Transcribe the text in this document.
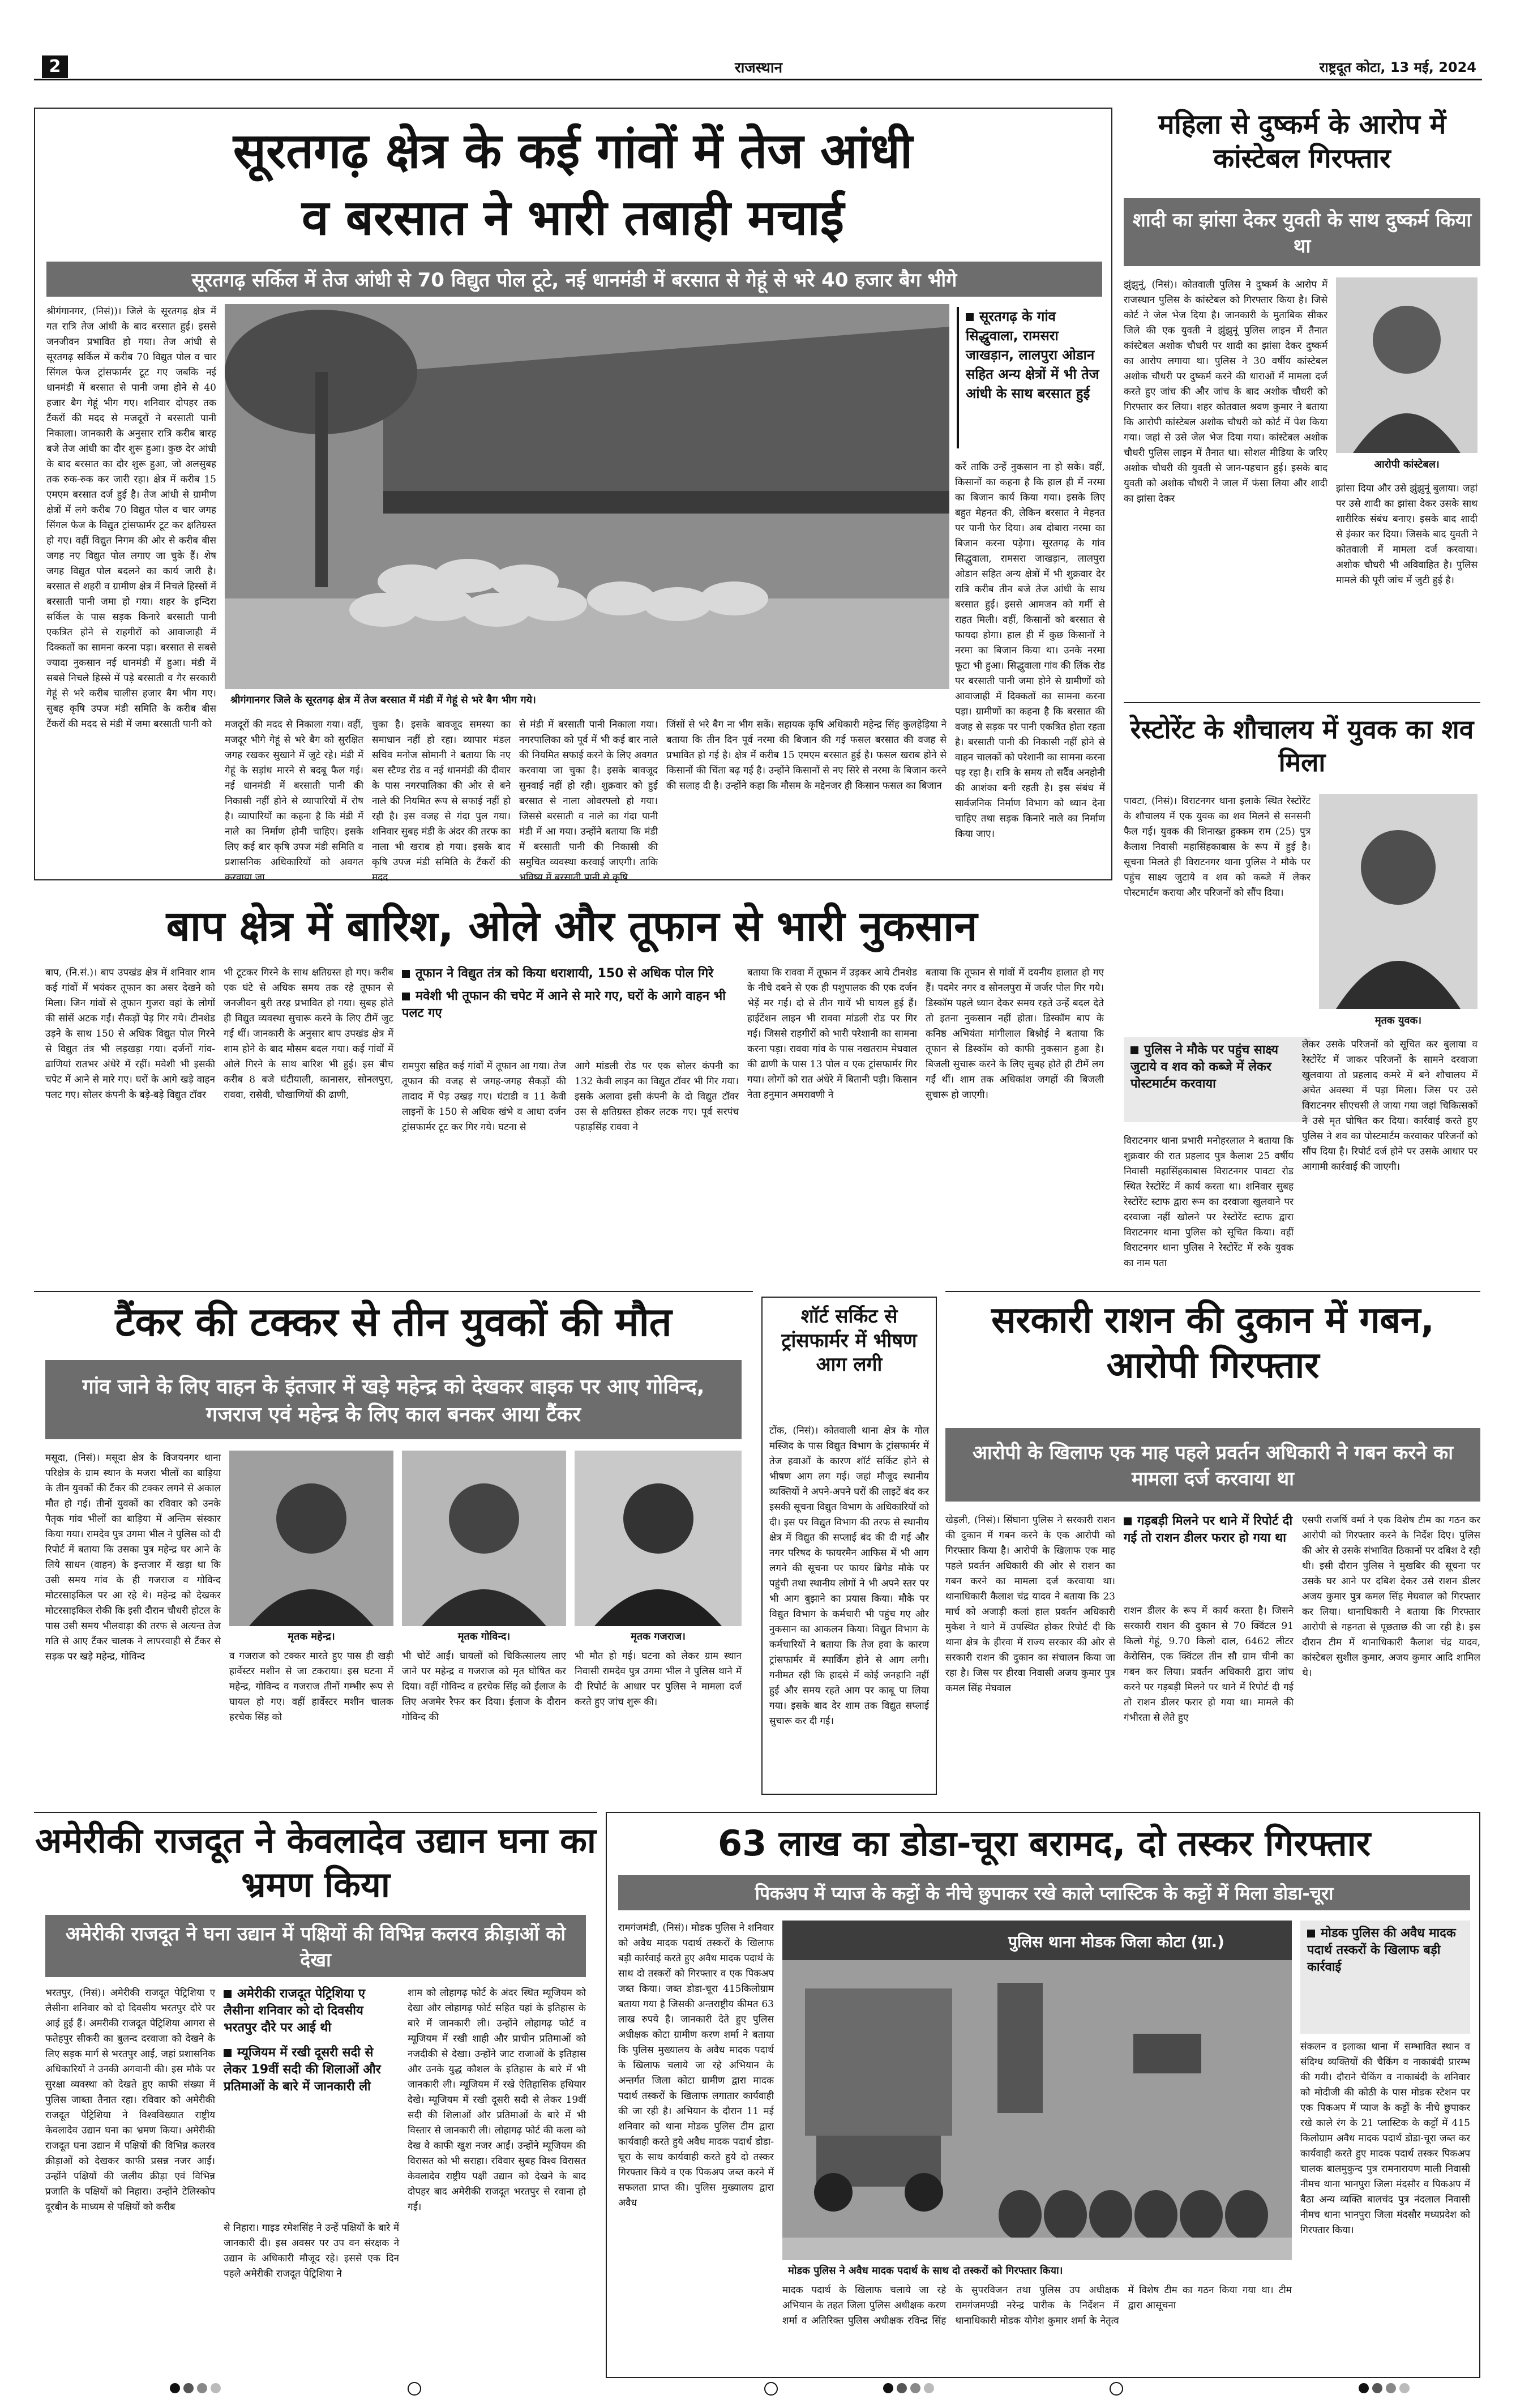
2	राजस्थान	राष्ट्रदूत कोटा, 13 मई, 2024
सूरतगढ़ क्षेत्र के कई गांवों में तेज आंधी
व बरसात ने भारी तबाही मचाई
सूरतगढ़ सर्किल में तेज आंधी से 70 विद्युत पोल टूटे, नई धानमंडी में बरसात से गेहूं से भरे 40 हजार बैग भीगे
श्रीगंगानगर, (निसं))। जिले के सूरतगढ़ क्षेत्र में गत रात्रि तेज आंधी के बाद बरसात हुई। इससे जनजीवन प्रभावित हो गया। तेज आंधी से सूरतगढ़ सर्किल में करीब 70 विद्युत पोल व चार सिंगल फेज ट्रांसफार्मर टूट गए जबकि नई धानमंडी में बरसात से पानी जमा होने से 40 हजार बैग गेहूं भीग गए। शनिवार दोपहर तक टैंकरों की मदद से मजदूरों ने बरसाती पानी निकाला। जानकारी के अनुसार रात्रि करीब बारह बजे तेज आंधी का दौर शुरू हुआ। कुछ देर आंधी के बाद बरसात का दौर शुरू हुआ, जो अलसुबह तक रुक-रुक कर जारी रहा। क्षेत्र में करीब 15 एमएम बरसात दर्ज हुई है। तेज आंधी से ग्रामीण क्षेत्रों में लगे करीब 70 विद्युत पोल व चार जगह सिंगल फेज के विद्युत ट्रांसफार्मर टूट कर क्षतिग्रस्त हो गए। वहीं विद्युत निगम की ओर से करीब बीस जगह नए विद्युत पोल लगाए जा चुके हैं। शेष जगह विद्युत पोल बदलने का कार्य जारी है। बरसात से शहरी व ग्रामीण क्षेत्र में निचले हिस्सों में बरसाती पानी जमा हो गया। शहर के इन्दिरा सर्किल के पास सड़क किनारे बरसाती पानी एकत्रित होने से राहगीरों को आवाजाही में दिक्कतों का सामना करना पड़ा। बरसात से सबसे ज्यादा नुकसान नई धानमंडी में हुआ। मंडी में सबसे निचले हिस्से में पड़े बरसाती व गैर सरकारी गेहूं से भरे करीब चालीस हजार बैग भीग गए। सुबह कृषि उपज मंडी समिति के करीब बीस टैंकरों की मदद से मंडी में जमा बरसाती पानी को
श्रीगंगानगर जिले के सूरतगढ़ क्षेत्र में तेज बरसात में मंडी में गेहूं से भरे बैग भीग गये।
सूरतगढ़ के गांव सिद्धुवाला, रामसरा जाखड़ान, लालपुरा ओडान सहित अन्य क्षेत्रों में भी तेज आंधी के साथ बरसात हुई
करें ताकि उन्हें नुकसान ना हो सके। वहीं, किसानों का कहना है कि हाल ही में नरमा का बिजान कार्य किया गया। इसके लिए बहुत मेहनत की, लेकिन बरसात ने मेहनत पर पानी फेर दिया। अब दोबारा नरमा का बिजान करना पड़ेगा। सूरतगढ़ के गांव सिद्धुवाला, रामसरा जाखड़ान, लालपुरा ओडान सहित अन्य क्षेत्रों में भी शुक्रवार देर रात्रि करीब तीन बजे तेज आंधी के साथ बरसात हुई। इससे आमजन को गर्मी से राहत मिली। वहीं, किसानों को बरसात से फायदा होगा। हाल ही में कुछ किसानों ने नरमा का बिजान किया था। उनके नरमा फूटा भी हुआ। सिद्धुवाला गांव की लिंक रोड पर बरसाती पानी जमा होने से ग्रामीणों को आवाजाही में दिक्कतों का सामना करना पड़ा। ग्रामीणों का कहना है कि बरसात की वजह से सड़क पर पानी एकत्रित होता रहता है। बरसाती पानी की निकासी नहीं होने से वाहन चालकों को परेशानी का सामना करना पड़ रहा है। रात्रि के समय तो सर्दैव अनहोनी की आशंका बनी रहती है। इस संबंध में सार्वजनिक निर्माण विभाग को ध्यान देना चाहिए तथा सड़क किनारे नाले का निर्माण किया जाए।
मजदूरों की मदद से निकाला गया। वहीं, मजदूर भीगे गेहूं से भरे बैग को सुरक्षित जगह रखकर सुखाने में जुटे रहे। मंडी में गेहूं के सड़ांध मारने से बदबू फैल गई। नई धानमंडी में बरसाती पानी की निकासी नहीं होने से व्यापारियों में रोष है। व्यापारियों का कहना है कि मंडी में नाले का निर्माण होनी चाहिए। इसके लिए कई बार कृषि उपज मंडी समिति व प्रशासनिक अधिकारियों को अवगत करवाया जा
चुका है। इसके बावजूद समस्या का समाधान नहीं हो रहा। व्यापार मंडल सचिव मनोज सोमानी ने बताया कि नए बस स्टैण्ड रोड व नई धानमंडी की दीवार के पास नगरपालिका की ओर से बने नाले की नियमित रूप से सफाई नहीं हो रही है। इस वजह से गंदा पुल गया। शनिवार सुबह मंडी के अंदर की तरफ का नाला भी खराब हो गया। इसके बाद कृषि उपज मंडी समिति के टैंकरों की मदद
से मंडी में बरसाती पानी निकाला गया। नगरपालिका को पूर्व में भी कई बार नाले की नियमित सफाई करने के लिए अवगत करवाया जा चुका है। इसके बावजूद सुनवाई नहीं हो रही। शुक्रवार को हुई बरसात से नाला ओवरफ्लो हो गया। जिससे बरसाती व नाले का गंदा पानी मंडी में आ गया। उन्होंने बताया कि मंडी में बरसाती पानी की निकासी की समुचित व्यवस्था करवाई जाएगी। ताकि भविष्य में बरसाती पानी से कृषि
जिंसों से भरे बैग ना भीग सकें। सहायक कृषि अधिकारी महेन्द्र सिंह कुलहेड़िया ने बताया कि तीन दिन पूर्व नरमा की बिजान की गई फसल बरसात की वजह से प्रभावित हो गई है। क्षेत्र में करीब 15 एमएम बरसात हुई है। फसल खराब होने से किसानों की चिंता बढ़ गई है। उन्होंने किसानों से नए सिरे से नरमा के बिजान करने की सलाह दी है। उन्होंने कहा कि मौसम के मद्देनजर ही किसान फसल का बिजान
बाप क्षेत्र में बारिश, ओले और तूफान से भारी नुकसान
बाप, (नि.सं.)। बाप उपखंड क्षेत्र में शनिवार शाम कई गांवों में भयंकर तूफान का असर देखने को मिला। जिन गांवों से तूफान गुजरा वहां के लोगों की सांसें अटक गईं। सैकड़ों पेड़ गिर गये। टीनशेड उड़ने के साथ 150 से अधिक विद्युत पोल गिरने से विद्युत तंत्र भी लड़खड़ा गया। दर्जनों गांव-ढाणियां रातभर अंधेरे में रहीं। मवेशी भी इसकी चपेट में आने से मारे गए। घरों के आगे खड़े वाहन पलट गए। सोलर कंपनी के बड़े-बड़े विद्युत टॉवर
भी टूटकर गिरने के साथ क्षतिग्रस्त हो गए। करीब एक घंटे से अधिक समय तक रहे तूफान से जनजीवन बुरी तरह प्रभावित हो गया। सुबह होते ही विद्युत व्यवस्था सुचारू करने के लिए टीमें जुट गई थीं। जानकारी के अनुसार बाप उपखंड क्षेत्र में शाम होने के बाद मौसम बदल गया। कई गांवों में ओले गिरने के साथ बारिश भी हुई। इस बीच करीब 8 बजे घंटीयाली, कानासर, सोनलपुरा, राववा, रासेवी, चौखाणियों की ढाणी,
तूफान ने विद्युत तंत्र को किया धराशायी, 150 से अधिक पोल गिरे
मवेशी भी तूफान की चपेट में आने से मारे गए, घरों के आगे वाहन भी पलट गए
रामपुरा सहित कई गांवों में तूफान आ गया। तेज तूफान की वजह से जगह-जगह सैकड़ों की तादाद में पेड़ उखड़ गए। घंटाडी व 11 केवी लाइनों के 150 से अधिक खंभे व आधा दर्जन ट्रांसफार्मर टूट कर गिर गये। घटना से
आगे मांडली रोड पर एक सोलर कंपनी का 132 केवी लाइन का विद्युत टॉवर भी गिर गया। इसके अलावा इसी कंपनी के दो विद्युत टॉवर उस से क्षतिग्रस्त होकर लटक गए। पूर्व सरपंच पहाड़सिंह राववा ने
बताया कि राववा में तूफान में उड़कर आये टीनशेड के नीचे दबने से एक ही पशुपालक की एक दर्जन भेड़ें मर गईं। दो से तीन गायें भी घायल हुई हैं। हाईटेंशन लाइन भी राववा मांडली रोड पर गिर गई। जिससे राहगीरों को भारी परेशानी का सामना करना पड़ा। राववा गांव के पास नखतराम मेघवाल की ढाणी के पास 13 पोल व एक ट्रांसफार्मर गिर गया। लोगों को रात अंधेरे में बितानी पड़ी। किसान नेता हनुमान अमरावणी ने
बताया कि तूफान से गांवों में दयनीय हालात हो गए हैं। पदमेर नगर व सोनलपुरा में जर्जर पोल गिर गये। डिस्कॉम पहले ध्यान देकर समय रहते उन्हें बदल देते तो इतना नुकसान नहीं होता। डिस्कॉम बाप के कनिष्ठ अभियंता मांगीलाल बिश्नोई ने बताया कि तूफान से डिस्कॉम को काफी नुकसान हुआ है। बिजली सुचारू करने के लिए सुबह होते ही टीमें लग गईं थीं। शाम तक अधिकांश जगहों की बिजली सुचारू हो जाएगी।
महिला से दुष्कर्म के आरोप में कांस्टेबल गिरफ्तार
शादी का झांसा देकर युवती के साथ दुष्कर्म किया था
झुंझुनूं, (निसं)। कोतवाली पुलिस ने दुष्कर्म के आरोप में राजस्थान पुलिस के कांस्टेबल को गिरफ्तार किया है। जिसे कोर्ट ने जेल भेज दिया है। जानकारी के मुताबिक सीकर जिले की एक युवती ने झुंझुनूं पुलिस लाइन में तैनात कांस्टेबल अशोक चौधरी पर शादी का झांसा देकर दुष्कर्म का आरोप लगाया था। पुलिस ने 30 वर्षीय कांस्टेबल अशोक चौधरी पर दुष्कर्म करने की धाराओं में मामला दर्ज करते हुए जांच की और जांच के बाद अशोक चौधरी को गिरफ्तार कर लिया। शहर कोतवाल श्रवण कुमार ने बताया कि आरोपी कांस्टेबल अशोक चौधरी को कोर्ट में पेश किया गया। जहां से उसे जेल भेज दिया गया। कांस्टेबल अशोक चौधरी पुलिस लाइन में तैनात था। सोशल मीडिया के जरिए अशोक चौधरी की युवती से जान-पहचान हुई। इसके बाद युवती को अशोक चौधरी ने जाल में फंसा लिया और शादी का झांसा देकर
आरोपी कांस्टेबल।
झांसा दिया और उसे झुंझुनूं बुलाया। जहां पर उसे शादी का झांसा देकर उसके साथ शारीरिक संबंध बनाए। इसके बाद शादी से इंकार कर दिया। जिसके बाद युवती ने कोतवाली में मामला दर्ज करवाया। अशोक चौधरी भी अविवाहित है। पुलिस मामले की पूरी जांच में जुटी हुई है।
रेस्टोरेंट के शौचालय में युवक का शव मिला
पावटा, (निसं)। विराटनगर थाना इलाके स्थित रेस्टोरेंट के शौचालय में एक युवक का शव मिलने से सनसनी फैल गई। युवक की शिनाख्त हुक्कम राम (25) पुत्र कैलाश निवासी महासिंहकाबास के रूप में हुई है। सूचना मिलते ही विराटनगर थाना पुलिस ने मौके पर पहुंच साक्ष्य जुटाये व शव को कब्जे में लेकर पोस्टमार्टम कराया और परिजनों को सौंप दिया।
पुलिस ने मौके पर पहुंच साक्ष्य जुटाये व शव को कब्जे में लेकर पोस्टमार्टम करवाया
मृतक युवक।
विराटनगर थाना प्रभारी मनोहरलाल ने बताया कि शुक्रवार की रात प्रहलाद पुत्र कैलाश 25 वर्षीय निवासी महासिंहकाबास विराटनगर पावटा रोड स्थित रेस्टोरेंट में कार्य करता था। शनिवार सुबह रेस्टोरेंट स्टाफ द्वारा रूम का दरवाजा खुलवाने पर दरवाजा नहीं खोलने पर रेस्टोरेंट स्टाफ द्वारा विराटनगर थाना पुलिस को सूचित किया। वहीं विराटनगर थाना पुलिस ने रेस्टोरेंट में रुके युवक का नाम पता
लेकर उसके परिजनों को सूचित कर बुलाया व रेस्टोरेंट में जाकर परिजनों के सामने दरवाजा खुलवाया तो प्रहलाद कमरे में बने शौचालय में अचेत अवस्था में पड़ा मिला। जिस पर उसे विराटनगर सीएचसी ले जाया गया जहां चिकित्सकों ने उसे मृत घोषित कर दिया। कार्रवाई करते हुए पुलिस ने शव का पोस्टमार्टम करवाकर परिजनों को सौंप दिया है। रिपोर्ट दर्ज होने पर उसके आधार पर आगामी कार्रवाई की जाएगी।
टैंकर की टक्कर से तीन युवकों की मौत
गांव जाने के लिए वाहन के इंतजार में खड़े महेन्द्र को देखकर बाइक पर आए गोविन्द, गजराज एवं महेन्द्र के लिए काल बनकर आया टैंकर
मसूदा, (निसं)। मसूदा क्षेत्र के विजयनगर थाना परिक्षेत्र के ग्राम स्थान के मजरा भीलों का बाड़िया के तीन युवकों की टैंकर की टक्कर लगने से अकाल मौत हो गई। तीनों युवकों का रविवार को उनके पैतृक गांव भीलों का बाड़िया में अन्तिम संस्कार किया गया। रामदेव पुत्र उगमा भील ने पुलिस को दी रिपोर्ट में बताया कि उसका पुत्र महेन्द्र घर आने के लिये साधन (वाहन) के इन्तजार में खड़ा था कि उसी समय गांव के ही गजराज व गोविन्द मोटरसाइकिल पर आ रहे थे। महेन्द्र को देखकर मोटरसाइकिल रोकी कि इसी दौरान चौधरी होटल के पास उसी समय भीलवाड़ा की तरफ से अत्यन्त तेज गति से आए टैंकर चालक ने लापरवाही से टैंकर से सड़क पर खड़े महेन्द्र, गोविन्द
मृतक महेन्द्र।	मृतक गोविन्द।	मृतक गजराज।
व गजराज को टक्कर मारते हुए पास ही खड़ी हार्वेस्टर मशीन से जा टकराया। इस घटना में महेन्द्र, गोविन्द व गजराज तीनों गम्भीर रूप से घायल हो गए। वहीं हार्वेस्टर मशीन चालक हरचेक सिंह को
भी चोटें आईं। घायलों को चिकित्सालय लाए जाने पर महेन्द्र व गजराज को मृत घोषित कर दिया। वहीं गोविन्द व हरचेक सिंह को ईलाज के लिए अजमेर रैफर कर दिया। ईलाज के दौरान गोविन्द की
भी मौत हो गई। घटना को लेकर ग्राम स्थान निवासी रामदेव पुत्र उगमा भील ने पुलिस थाने में दी रिपोर्ट के आधार पर पुलिस ने मामला दर्ज करते हुए जांच शुरू की।
शॉर्ट सर्किट से ट्रांसफार्मर में भीषण आग लगी
टोंक, (निसं)। कोतवाली थाना क्षेत्र के गोल मस्जिद के पास विद्युत विभाग के ट्रांसफार्मर में तेज हवाओं के कारण शॉर्ट सर्किट होने से भीषण आग लग गई। जहां मौजूद स्थानीय व्यक्तियों ने अपने-अपने घरों की लाइटें बंद कर इसकी सूचना विद्युत विभाग के अधिकारियों को दी। इस पर विद्युत विभाग की तरफ से स्थानीय क्षेत्र में विद्युत की सप्लाई बंद की दी गई और नगर परिषद के फायरमैन आफिस में भी आग लगने की सूचना पर फायर ब्रिगेड मौके पर पहुंची तथा स्थानीय लोगों ने भी अपने स्तर पर भी आग बुझाने का प्रयास किया। मौके पर विद्युत विभाग के कर्मचारी भी पहुंच गए और नुकसान का आकलन किया। विद्युत विभाग के कर्मचारियों ने बताया कि तेज हवा के कारण ट्रांसफार्मर में स्पार्किंग होने से आग लगी। गनीमत रही कि हादसे में कोई जनहानि नहीं हुई और समय रहते आग पर काबू पा लिया गया। इसके बाद देर शाम तक विद्युत सप्लाई सुचारू कर दी गई।
सरकारी राशन की दुकान में गबन, आरोपी गिरफ्तार
आरोपी के खिलाफ एक माह पहले प्रवर्तन अधिकारी ने गबन करने का मामला दर्ज करवाया था
खेड़ली, (निसं)। सिंघाना पुलिस ने सरकारी राशन की दुकान में गबन करने के एक आरोपी को गिरफ्तार किया है। आरोपी के खिलाफ एक माह पहले प्रवर्तन अधिकारी की ओर से राशन का गबन करने का मामला दर्ज करवाया था। थानाधिकारी कैलाश चंद्र यादव ने बताया कि 23 मार्च को अजाड़ी कलां हाल प्रवर्तन अधिकारी मुकेश ने थाने में उपस्थित होकर रिपोर्ट दी कि थाना क्षेत्र के हीरवा में राज्य सरकार की ओर से सरकारी राशन की दुकान का संचालन किया जा रहा है। जिस पर हीरवा निवासी अजय कुमार पुत्र कमल सिंह मेघवाल
गड़बड़ी मिलने पर थाने में रिपोर्ट दी गई तो राशन डीलर फरार हो गया था
राशन डीलर के रूप में कार्य करता है। जिसने सरकारी राशन की दुकान से 70 क्विंटल 91 किलो गेहूं, 9.70 किलो दाल, 6462 लीटर केरोसिन, एक क्विंटल तीन सौ ग्राम चीनी का गबन कर लिया। प्रवर्तन अधिकारी द्वारा जांच करने पर गड़बड़ी मिलने पर थाने में रिपोर्ट दी गई तो राशन डीलर फरार हो गया था। मामले की गंभीरता से लेते हुए
एसपी राजर्षि वर्मा ने एक विशेष टीम का गठन कर आरोपी को गिरफ्तार करने के निर्देश दिए। पुलिस की ओर से उसके संभावित ठिकानों पर दबिश दे रही थी। इसी दौरान पुलिस ने मुखबिर की सूचना पर उसके घर आने पर दबिश देकर उसे राशन डीलर अजय कुमार पुत्र कमल सिंह मेघवाल को गिरफ्तार कर लिया। थानाधिकारी ने बताया कि गिरफ्तार आरोपी से गहनता से पूछताछ की जा रही है। इस दौरान टीम में थानाधिकारी कैलाश चंद्र यादव, कांस्टेबल सुशील कुमार, अजय कुमार आदि शामिल थे।
अमेरीकी राजदूत ने केवलादेव उद्यान घना का भ्रमण किया
अमेरीकी राजदूत ने घना उद्यान में पक्षियों की विभिन्न कलरव क्रीड़ाओं को देखा
भरतपुर, (निसं)। अमेरीकी राजदूत पेट्रिशिया ए लैसीना शनिवार को दो दिवसीय भरतपुर दौरे पर आई हुई हैं। अमरीकी राजदूत पेट्रिशिया आगरा से फतेहपुर सीकरी का बुलन्द दरवाजा को देखने के लिए सड़क मार्ग से भरतपुर आईं, जहां प्रशासनिक अधिकारियों ने उनकी अगवानी की। इस मौके पर सुरक्षा व्यवस्था को देखते हुए काफी संख्या में पुलिस जाब्ता तैनात रहा। रविवार को अमेरीकी राजदूत पेट्रिशिया ने विश्वविख्यात राष्ट्रीय केवलादेव उद्यान घना का भ्रमण किया। अमेरीकी राजदूत घना उद्यान में पक्षियों की विभिन्न कलरव क्रीड़ाओं को देखकर काफी प्रसन्न नजर आईं। उन्होंने पक्षियों की जलीय क्रीड़ा एवं विभिन्न प्रजाति के पक्षियों को निहारा। उन्होंने टेलिस्कोप दूरबीन के माध्यम से पक्षियों को करीब
अमेरीकी राजदूत पेट्रिशिया ए लैसीना शनिवार को दो दिवसीय भरतपुर दौरे पर आई थी
म्यूजियम में रखी दूसरी सदी से लेकर 19वीं सदी की शिलाओं और प्रतिमाओं के बारे में जानकारी ली
से निहारा। गाइड रमेशसिंह ने उन्हें पक्षियों के बारे में जानकारी दी। इस अवसर पर उप वन संरक्षक ने उद्यान के अधिकारी मौजूद रहे। इससे एक दिन पहले अमेरीकी राजदूत पेट्रिशिया ने
शाम को लोहागढ़ फोर्ट के अंदर स्थित म्यूजियम को देखा और लोहागढ़ फोर्ट सहित यहां के इतिहास के बारे में जानकारी ली। उन्होंने लोहागढ़ फोर्ट व म्यूजियम में रखी शाही और प्राचीन प्रतिमाओं को नजदीकी से देखा। उन्होंने जाट राजाओं के इतिहास और उनके युद्ध कौशल के इतिहास के बारे में भी जानकारी ली। म्यूजियम में रखे ऐतिहासिक हथियार देखे। म्यूजियम में रखी दूसरी सदी से लेकर 19वीं सदी की शिलाओं और प्रतिमाओं के बारे में भी विस्तार से जानकारी ली। लोहागढ़ फोर्ट की कला को देख वे काफी खुश नजर आईं। उन्होंने म्यूजियम की विरासत को भी सराहा। रविवार सुबह विश्व विरासत केवलादेव राष्ट्रीय पक्षी उद्यान को देखने के बाद दोपहर बाद अमेरीकी राजदूत भरतपुर से रवाना हो गईं।
63 लाख का डोडा-चूरा बरामद, दो तस्कर गिरफ्तार
पिकअप में प्याज के कट्टों के नीचे छुपाकर रखे काले प्लास्टिक के कट्टों में मिला डोडा-चूरा
रामगंजमंडी, (निसं)। मोडक पुलिस ने शनिवार को अवैध मादक पदार्थ तस्करों के खिलाफ बड़ी कार्रवाई करते हुए अवैध मादक पदार्थ के साथ दो तस्करों को गिरफ्तार व एक पिकअप जब्त किया। जब्त डोडा-चूरा 415किलोग्राम बताया गया है जिसकी अन्तराष्ट्रीय कीमत 63 लाख रुपये है। जानकारी देते हुए पुलिस अधीक्षक कोटा ग्रामीण करण शर्मा ने बताया कि पुलिस मुख्यालय के अवैध मादक पदार्थ के खिलाफ चलाये जा रहे अभियान के अन्तर्गत जिला कोटा ग्रामीण द्वारा मादक पदार्थ तस्करों के खिलाफ लगातार कार्यवाही की जा रही है। अभियान के दौरान 11 मई शनिवार को थाना मोडक पुलिस टीम द्वारा कार्यवाही करते हुये अवैध मादक पदार्थ डोडा-चूरा के साथ कार्यवाही करते हुये दो तस्कर गिरफ्तार किये व एक पिकअप जब्त करने में सफलता प्राप्त की। पुलिस मुख्यालय द्वारा अवैध
पुलिस थाना मोडक जिला कोटा (ग्रा.)
मोडक पुलिस ने अवैध मादक पदार्थ के साथ दो तस्करों को गिरफ्तार किया।
मादक पदार्थ के खिलाफ चलाये जा रहे अभियान के तहत जिला पुलिस अधीक्षक करण शर्मा व अतिरिक्त पुलिस अधीक्षक रविन्द्र सिंह के सुपरविजन तथा पुलिस उप अधीक्षक रामगंजमण्डी नरेन्द्र पारीक के निर्देशन में थानाधिकारी मोडक योगेश कुमार शर्मा के नेतृत्व में विशेष टीम का गठन किया गया था। टीम द्वारा आसूचना
मोडक पुलिस की अवैध मादक पदार्थ तस्करों के खिलाफ बड़ी कार्रवाई
संकलन व इलाका थाना में सम्भावित स्थान व संदिग्ध व्यक्तियों की चैकिंग व नाकाबंदी प्रारम्भ की गयी। दौराने चैकिंग व नाकाबंदी के शनिवार को मोदीजी की कोठी के पास मोडक स्टेशन पर एक पिकअप में प्याज के कट्टों के नीचे छुपाकर रखे काले रंग के 21 प्लास्टिक के कट्टों में 415 किलोग्राम अवैध मादक पदार्थ डोडा-चूरा जब्त कर कार्यवाही करते हुए मादक पदार्थ तस्कर पिकअप चालक बालमुकुन्द पुत्र रामनारायण माली निवासी नीमच थाना भानपुरा जिला मंदसौर व पिकअप में बैठा अन्य व्यक्ति बालचंद पुत्र नंदलाल निवासी नीमच थाना भानपुरा जिला मंदसौर मध्यप्रदेश को गिरफ्तार किया।
